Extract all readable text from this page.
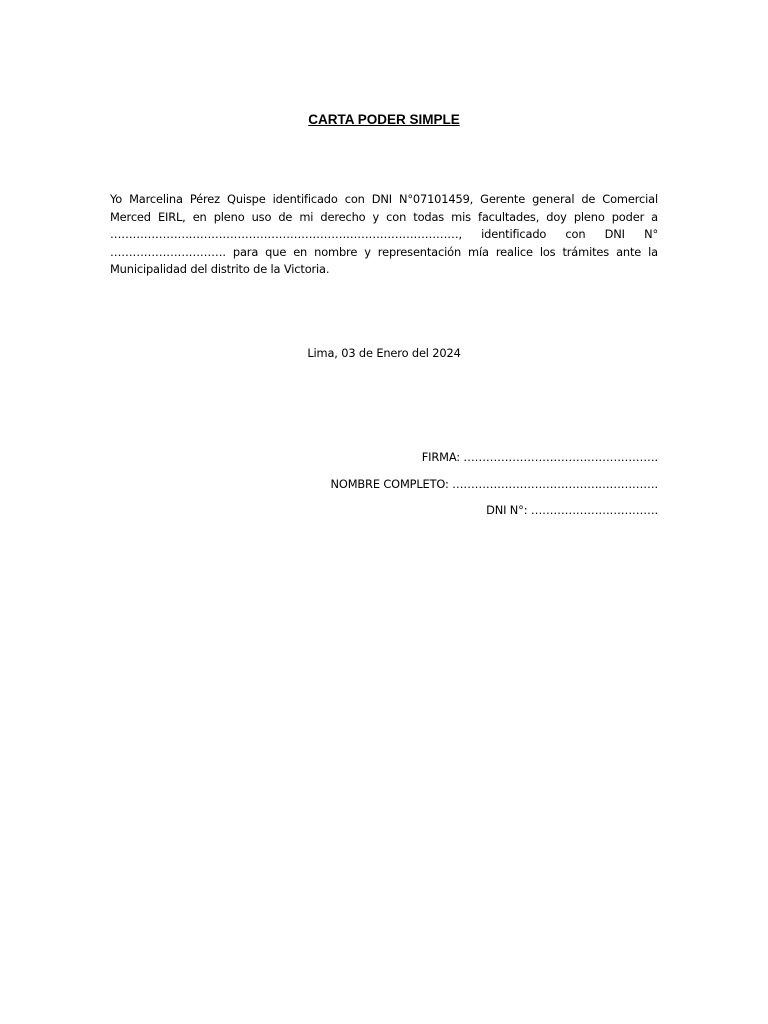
CARTA PODER SIMPLE
Yo Marcelina Pérez Quispe identificado con DNI N°07101459, Gerente general de Comercial
Merced EIRL, en pleno uso de mi derecho y con todas mis facultades, doy pleno poder a
…………………………………………………………………………………, identificado con DNI N°
…………………………. para que en nombre y representación mía realice los trámites ante la
Municipalidad del distrito de la Victoria.
Lima, 03 de Enero del 2024
FIRMA: …………………………………………….
NOMBRE COMPLETO: ……………………………………………….
DNI N°: …………………………….
